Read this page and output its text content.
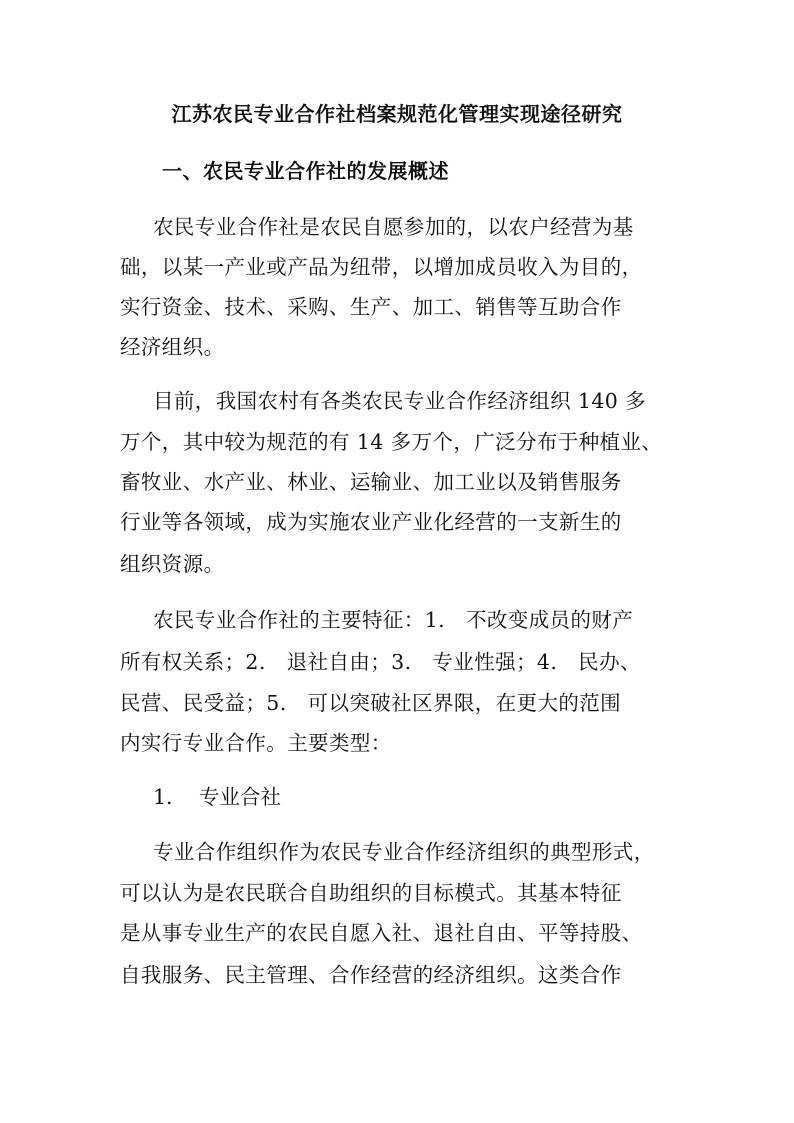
江苏农民专业合作社档案规范化管理实现途径研究
一、农民专业合作社的发展概述
农民专业合作社是农民自愿参加的，以农户经营为基
础，以某一产业或产品为纽带，以增加成员收入为目的，
实行资金、技术、采购、生产、加工、销售等互助合作
经济组织。
目前，我国农村有各类农民专业合作经济组织 140 多
万个，其中较为规范的有 14 多万个，广泛分布于种植业、
畜牧业、水产业、林业、运输业、加工业以及销售服务
行业等各领域，成为实施农业产业化经营的一支新生的
组织资源。
农民专业合作社的主要特征：1.　不改变成员的财产
所有权关系；2.　退社自由；3.　专业性强；4.　民办、
民营、民受益；5.　可以突破社区界限，在更大的范围
内实行专业合作。主要类型：
1. 专业合社
专业合作组织作为农民专业合作经济组织的典型形式，
可以认为是农民联合自助组织的目标模式。其基本特征
是从事专业生产的农民自愿入社、退社自由、平等持股、
自我服务、民主管理、合作经营的经济组织。这类合作
